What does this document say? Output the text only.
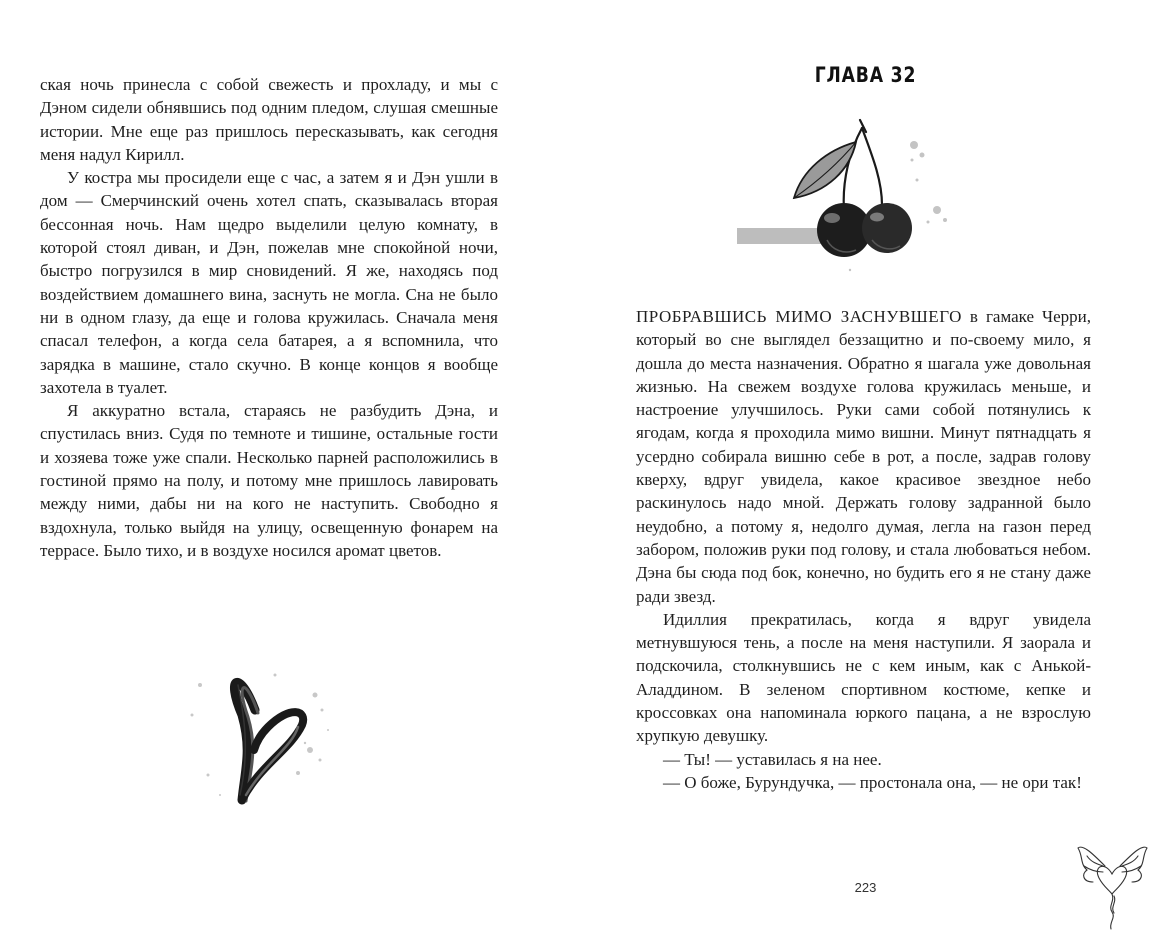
ская ночь принесла с собой свежесть и прохладу, и мы с Дэном сидели обнявшись под одним пледом, слушая смешные истории. Мне еще раз пришлось пересказывать, как сегодня меня надул Кирилл.

У костра мы просидели еще с час, а затем я и Дэн ушли в дом — Смерчинский очень хотел спать, сказывалась вторая бессонная ночь. Нам щедро выделили целую комнату, в которой стоял диван, и Дэн, пожелав мне спокойной ночи, быстро погрузился в мир сновидений. Я же, находясь под воздействием домашнего вина, заснуть не могла. Сна не было ни в одном глазу, да еще и голова кружилась. Сначала меня спасал телефон, а когда села батарея, а я вспомнила, что зарядка в машине, стало скучно. В конце концов я вообще захотела в туалет.

Я аккуратно встала, стараясь не разбудить Дэна, и спустилась вниз. Судя по темноте и тишине, остальные гости и хозяева тоже уже спали. Несколько парней расположились в гостиной прямо на полу, и потому мне пришлось лавировать между ними, дабы ни на кого не наступить. Свободно я вздохнула, только выйдя на улицу, освещенную фонарем на террасе. Было тихо, и в воздухе носился аромат цветов.

ГЛАВА 32

ПРОБРАВШИСЬ МИМО ЗАСНУВШЕГО в гамаке Черри, который во сне выглядел беззащитно и по-своему мило, я дошла до места назначения. Обратно я шагала уже довольная жизнью. На свежем воздухе голова кружилась меньше, и настроение улучшилось. Руки сами собой потянулись к ягодам, когда я проходила мимо вишни. Минут пятнадцать я усердно собирала вишню себе в рот, а после, задрав голову кверху, вдруг увидела, какое красивое звездное небо раскинулось надо мной. Держать голову задранной было неудобно, а потому я, недолго думая, легла на газон перед забором, положив руки под голову, и стала любоваться небом. Дэна бы сюда под бок, конечно, но будить его я не стану даже ради звезд.

Идиллия прекратилась, когда я вдруг увидела метнувшуюся тень, а после на меня наступили. Я заорала и подскочила, столкнувшись не с кем иным, как с Анькой-Аладдином. В зеленом спортивном костюме, кепке и кроссовках она напоминала юркого пацана, а не взрослую хрупкую девушку.

— Ты! — уставилась я на нее.

— О боже, Бурундучка, — простонала она, — не ори так!

223
